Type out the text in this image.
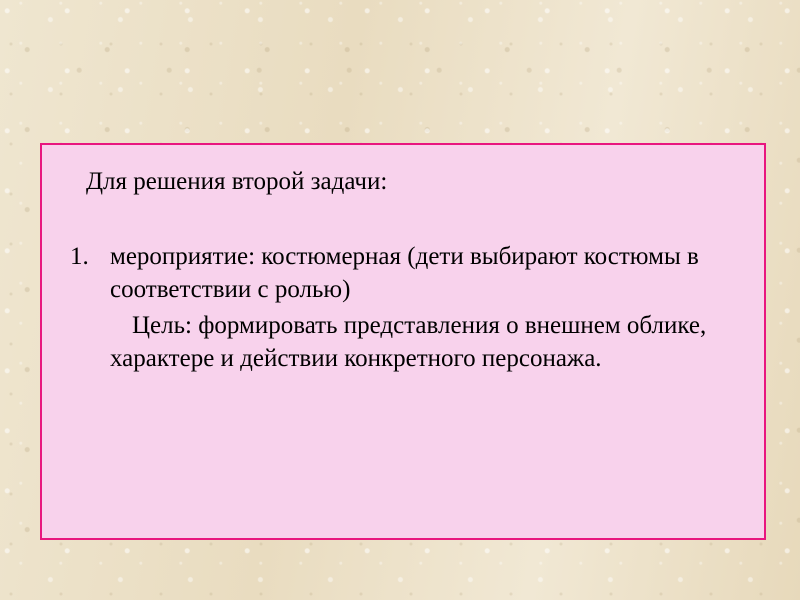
Для решения второй задачи:

1. мероприятие: костюмерная (дети выбирают костюмы в соответствии с ролью)

Цель: формировать представления о внешнем облике, характере и действии конкретного персонажа.
